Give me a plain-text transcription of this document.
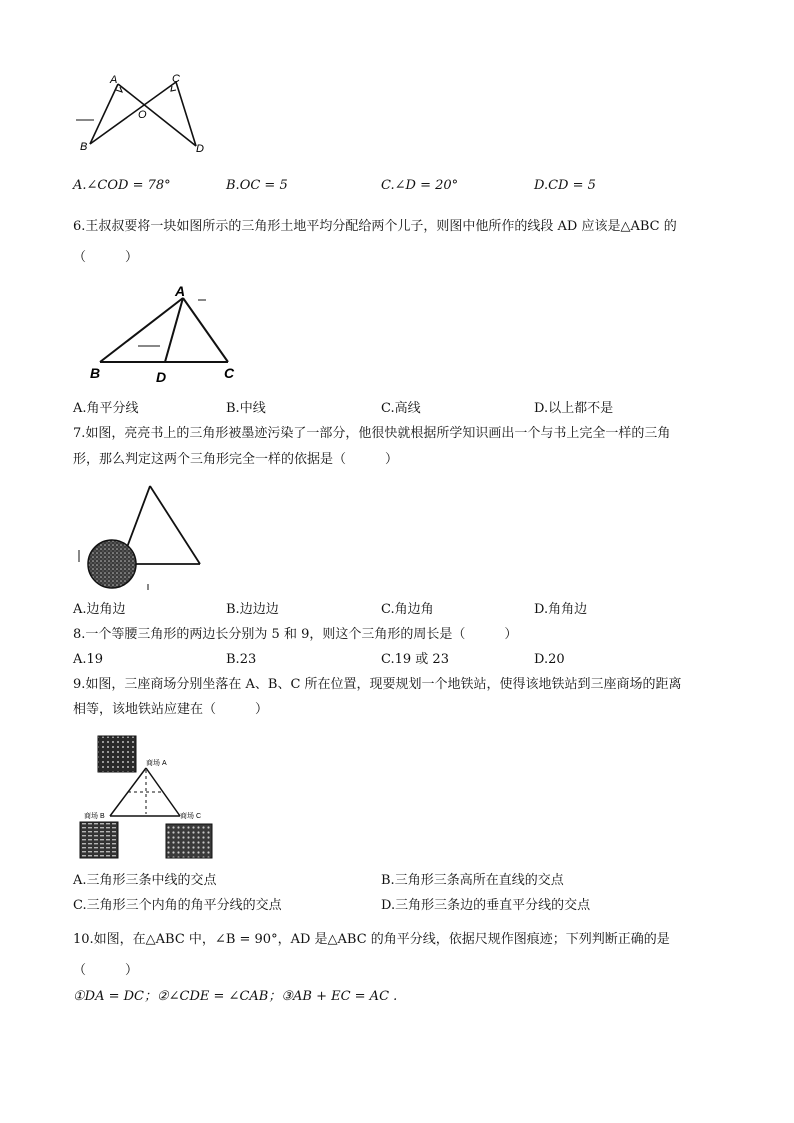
A
B
C
D
O
A.∠COD = 78°	B.OC = 5	C.∠D = 20°	D.CD = 5
6.王叔叔要将一块如图所示的三角形土地平均分配给两个儿子，则图中他所作的线段 AD 应该是△ABC 的
（　　　）
A
B	C
D
A.角平分线	B.中线	C.高线	D.以上都不是
7.如图，亮亮书上的三角形被墨迹污染了一部分，他很快就根据所学知识画出一个与书上完全一样的三角
形，那么判定这两个三角形完全一样的依据是（　　　）
A.边角边	B.边边边	C.角边角	D.角角边
8.一个等腰三角形的两边长分别为 5 和 9，则这个三角形的周长是（　　　）
A.19	B.23	C.19 或 23	D.20
9.如图，三座商场分别坐落在 A、B、C 所在位置，现要规划一个地铁站，使得该地铁站到三座商场的距离
相等，该地铁站应建在（　　　）
商场 A
商场 B	商场 C
A.三角形三条中线的交点	B.三角形三条高所在直线的交点
C.三角形三个内角的角平分线的交点	D.三角形三条边的垂直平分线的交点
10.如图，在△ABC 中，∠B = 90°，AD 是△ABC 的角平分线，依据尺规作图痕迹；下列判断正确的是
（　　　）
①DA = DC；②∠CDE = ∠CAB；③AB + EC = AC .
